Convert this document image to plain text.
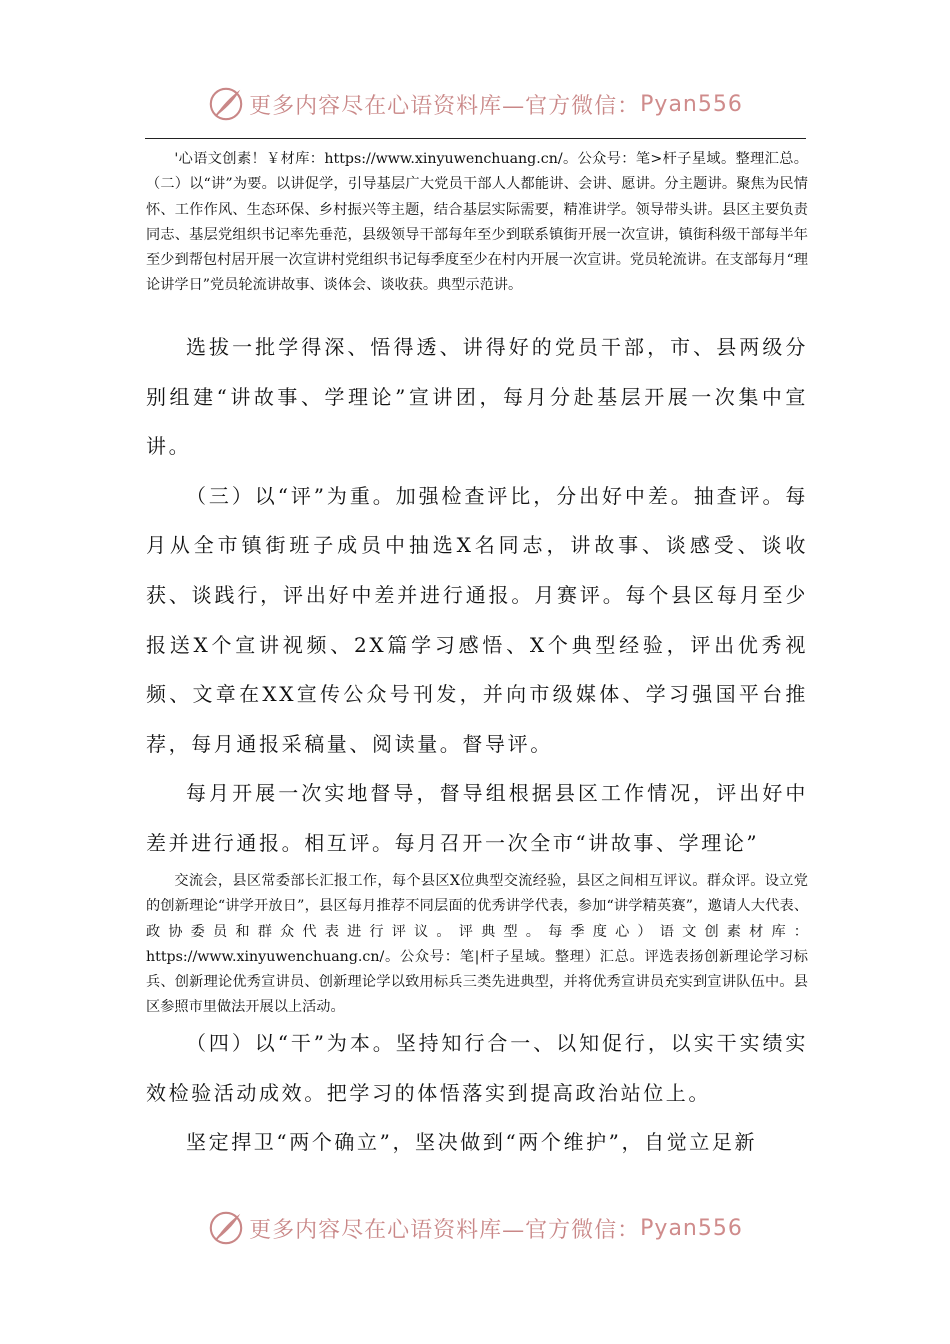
更多内容尽在心语资料库—官方微信： Pyan556

'心语文创素！￥材库：https://www.xinyuwenchuang.cn/。公众号：笔>杆子星域。整理汇总。（二）以“讲”为要。以讲促学，引导基层广大党员干部人人都能讲、会讲、愿讲。分主题讲。聚焦为民情怀、工作作风、生态环保、乡村振兴等主题，结合基层实际需要，精准讲学。领导带头讲。县区主要负责同志、基层党组织书记率先垂范，县级领导干部每年至少到联系镇街开展一次宣讲，镇街科级干部每半年至少到帮包村居开展一次宣讲村党组织书记每季度至少在村内开展一次宣讲。党员轮流讲。在支部每月“理论讲学日”党员轮流讲故事、谈体会、谈收获。典型示范讲。

选拔一批学得深、悟得透、讲得好的党员干部，市、县两级分别组建“讲故事、学理论”宣讲团，每月分赴基层开展一次集中宣讲。

（三）以“评”为重。加强检查评比，分出好中差。抽查评。每月从全市镇街班子成员中抽选X名同志，讲故事、谈感受、谈收获、谈践行，评出好中差并进行通报。月赛评。每个县区每月至少报送X个宣讲视频、2X篇学习感悟、X个典型经验，评出优秀视频、文章在XX宣传公众号刊发，并向市级媒体、学习强国平台推荐，每月通报采稿量、阅读量。督导评。

每月开展一次实地督导，督导组根据县区工作情况，评出好中差并进行通报。相互评。每月召开一次全市“讲故事、学理论”

交流会，县区常委部长汇报工作，每个县区X位典型交流经验，县区之间相互评议。群众评。设立党的创新理论“讲学开放日”，县区每月推荐不同层面的优秀讲学代表，参加“讲学精英赛”，邀请人大代表、政协委员和群众代表进行评议。评典型。每季度心）语文创素材库：https://www.xinyuwenchuang.cn/。公众号：笔|杆子星域。整理）汇总。评选表扬创新理论学习标兵、创新理论优秀宣讲员、创新理论学以致用标兵三类先进典型，并将优秀宣讲员充实到宣讲队伍中。县区参照市里做法开展以上活动。

（四）以“干”为本。坚持知行合一、以知促行，以实干实绩实效检验活动成效。把学习的体悟落实到提高政治站位上。

坚定捍卫“两个确立”，坚决做到“两个维护”，自觉立足新

更多内容尽在心语资料库—官方微信： Pyan556
